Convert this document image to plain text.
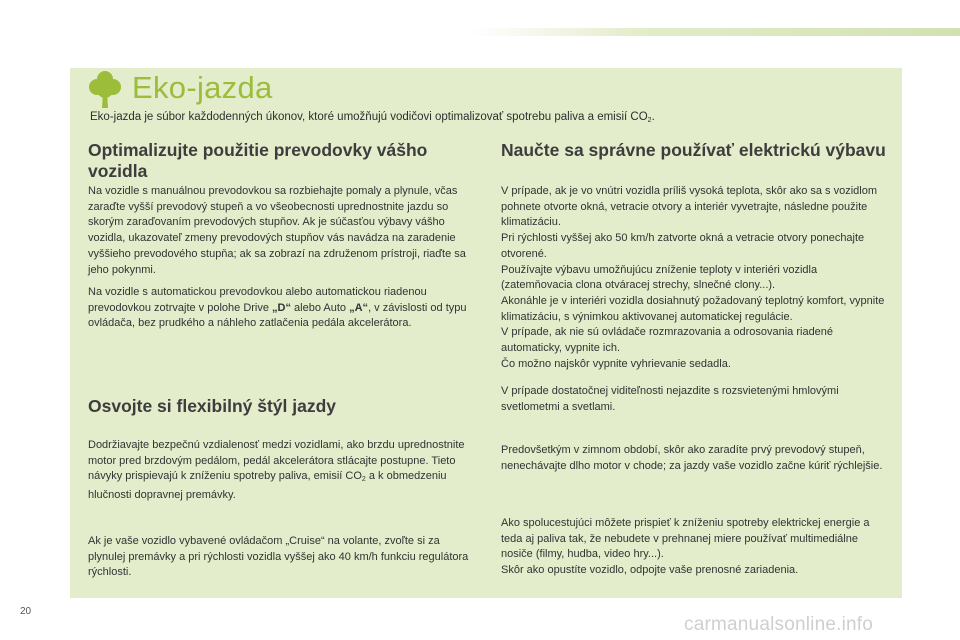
Eko-jazda
Eko-jazda je súbor každodenných úkonov, ktoré umožňujú vodičovi optimalizovať spotrebu paliva a emisií $CO_2$.
Optimalizujte použitie prevodovky vášho vozidla

Na vozidle s manuálnou prevodovkou sa rozbiehajte pomaly a plynule, včas zaraďte vyšší prevodový stupeň a vo všeobecnosti uprednostnite jazdu so skorým zaraďovaním prevodových stupňov. Ak je súčasťou výbavy vášho vozidla, ukazovateľ zmeny prevodových stupňov vás navádza na zaradenie vyššieho prevodového stupňa; ak sa zobrazí na združenom prístroji, riaďte sa jeho pokynmi.

Na vozidle s automatickou prevodovkou alebo automatickou riadenou prevodovkou zotrvajte v polohe Drive „D“ alebo Auto „A“, v závislosti od typu ovládača, bez prudkého a náhleho zatlačenia pedála akcelerátora.

Osvojte si flexibilný štýl jazdy

Dodržiavajte bezpečnú vzdialenosť medzi vozidlami, ako brzdu uprednostnite motor pred brzdovým pedálom, pedál akcelerátora stlácajte postupne. Tieto návyky prispievajú k zníženiu spotreby paliva, emisií $CO_2$ a k obmedzeniu hlučnosti dopravnej premávky.

Ak je vaše vozidlo vybavené ovládačom „Cruise“ na volante, zvoľte si za plynulej premávky a pri rýchlosti vozidla vyššej ako 40 km/h funkciu regulátora rýchlosti.

Naučte sa správne používať elektrickú výbavu
V prípade, ak je vo vnútri vozidla príliš vysoká teplota, skôr ako sa s vozidlom pohnete otvorte okná, vetracie otvory a interiér vyvetrajte, následne použite klimatizáciu.
Pri rýchlosti vyššej ako 50 km/h zatvorte okná a vetracie otvory ponechajte otvorené.
Používajte výbavu umožňujúcu zníženie teploty v interiéri vozidla (zatemňovacia clona otváracej strechy, slnečné clony...).
Akonáhle je v interiéri vozidla dosiahnutý požadovaný teplotný komfort, vypnite klimatizáciu, s výnimkou aktivovanej automatickej regulácie.
V prípade, ak nie sú ovládače rozmrazovania a odrosovania riadené automaticky, vypnite ich.
Čo možno najskôr vypnite vyhrievanie sedadla.

V prípade dostatočnej viditeľnosti nejazdite s rozsvietenými hmlovými svetlometmi a svetlami.

Predovšetkým v zimnom období, skôr ako zaradíte prvý prevodový stupeň, nenechávajte dlho motor v chode; za jazdy vaše vozidlo začne kúriť rýchlejšie.

Ako spolucestujúci môžete prispieť k zníženiu spotreby elektrickej energie a teda aj paliva tak, že nebudete v prehnanej miere používať multimediálne nosiče (filmy, hudba, video hry...).
Skôr ako opustíte vozidlo, odpojte vaše prenosné zariadenia.
20
carmanualsonline.info
